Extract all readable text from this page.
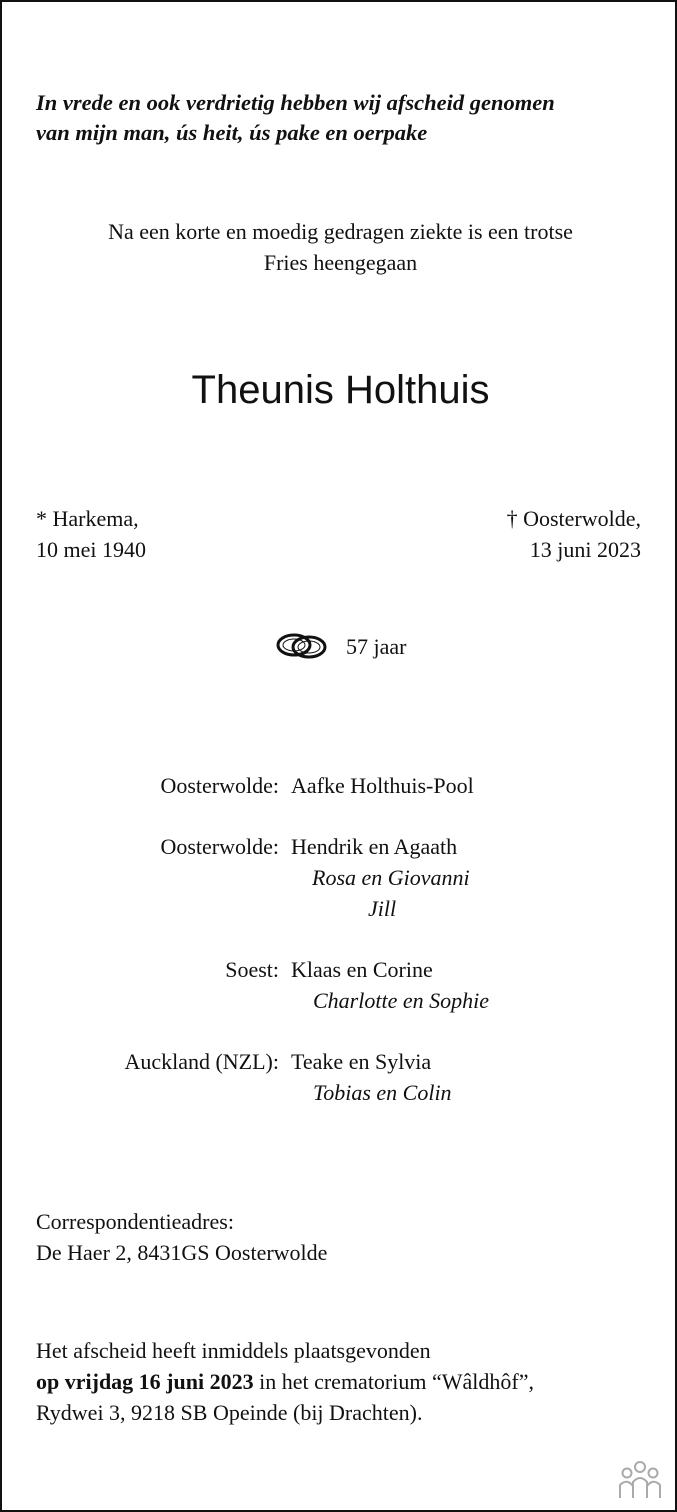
In vrede en ook verdrietig hebben wij afscheid genomen
van mijn man, ús heit, ús pake en oerpake
Na een korte en moedig gedragen ziekte is een trotse
Fries heengegaan
Theunis Holthuis
* Harkema,
10 mei 1940
† Oosterwolde,
13 juni 2023
57 jaar
Oosterwolde: Aafke Holthuis-Pool
Oosterwolde: Hendrik en Agaath
Rosa en Giovanni
Jill
Soest: Klaas en Corine
Charlotte en Sophie
Auckland (NZL): Teake en Sylvia
Tobias en Colin
Correspondentieadres:
De Haer 2, 8431GS Oosterwolde
Het afscheid heeft inmiddels plaatsgevonden
op vrijdag 16 juni 2023 in het crematorium “Wâldhôf”,
Rydwei 3, 9218 SB Opeinde (bij Drachten).
